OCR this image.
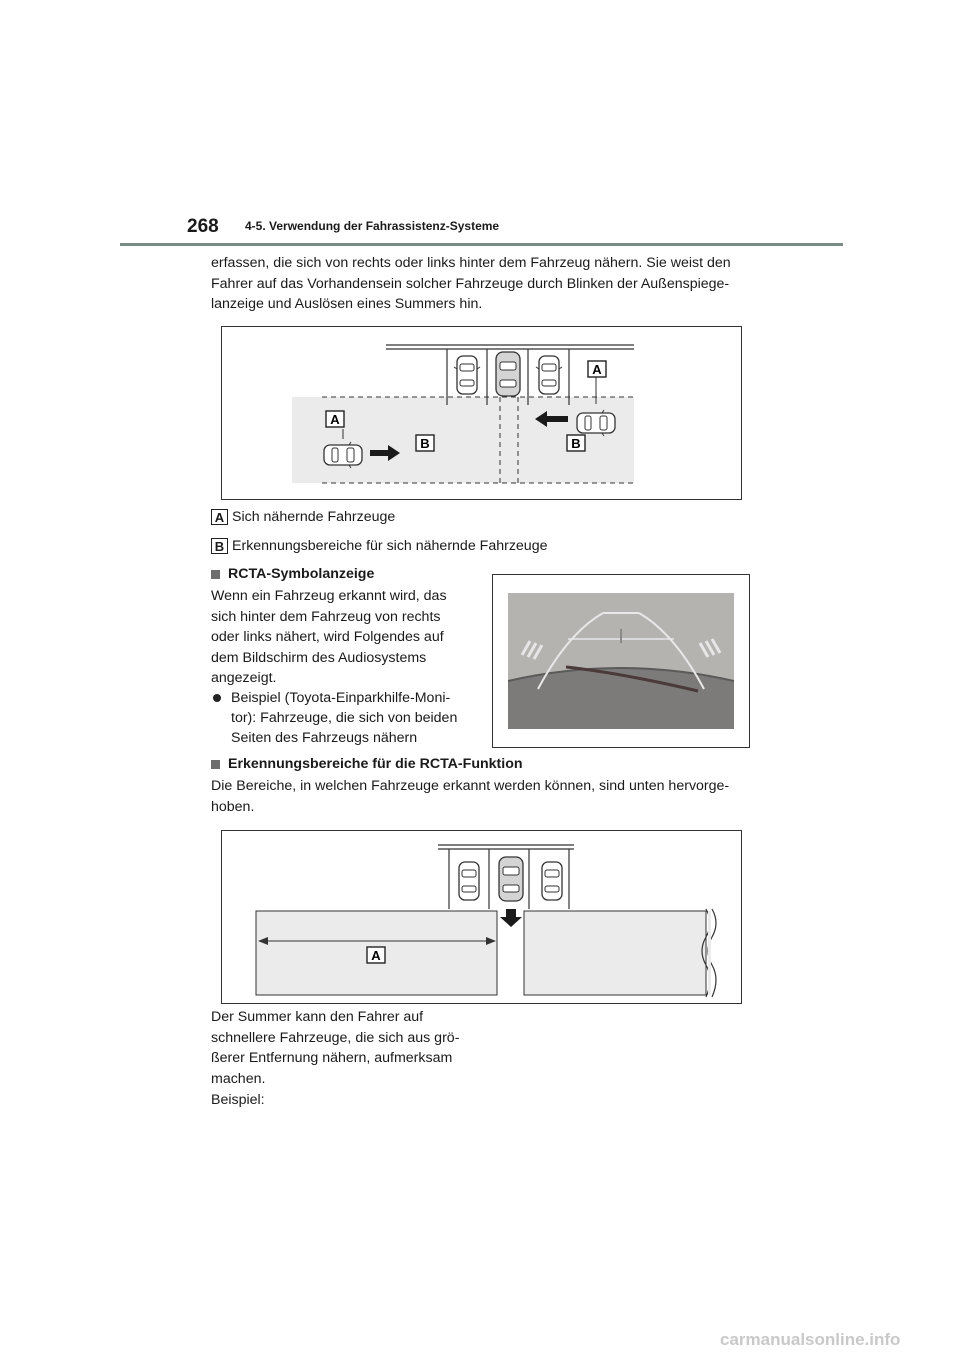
268 4-5. Verwendung der Fahrassistenz-Systeme
erfassen, die sich von rechts oder links hinter dem Fahrzeug nähern. Sie weist den Fahrer auf das Vorhandensein solcher Fahrzeuge durch Blinken der Außenspiege-lanzeige und Auslösen eines Summers hin.
A
A
B	B
A Sich nähernde Fahrzeuge
B Erkennungsbereiche für sich nähernde Fahrzeuge
RCTA-Symbolanzeige
Wenn ein Fahrzeug erkannt wird, das sich hinter dem Fahrzeug von rechts oder links nähert, wird Folgendes auf dem Bildschirm des Audiosystems angezeigt.
Beispiel (Toyota-Einparkhilfe-Moni-tor): Fahrzeuge, die sich von beiden Seiten des Fahrzeugs nähern
Erkennungsbereiche für die RCTA-Funktion
Die Bereiche, in welchen Fahrzeuge erkannt werden können, sind unten hervorge-hoben.
A
Der Summer kann den Fahrer auf schnellere Fahrzeuge, die sich aus grö-ßerer Entfernung nähern, aufmerksam machen.
Beispiel:
carmanualsonline.info
